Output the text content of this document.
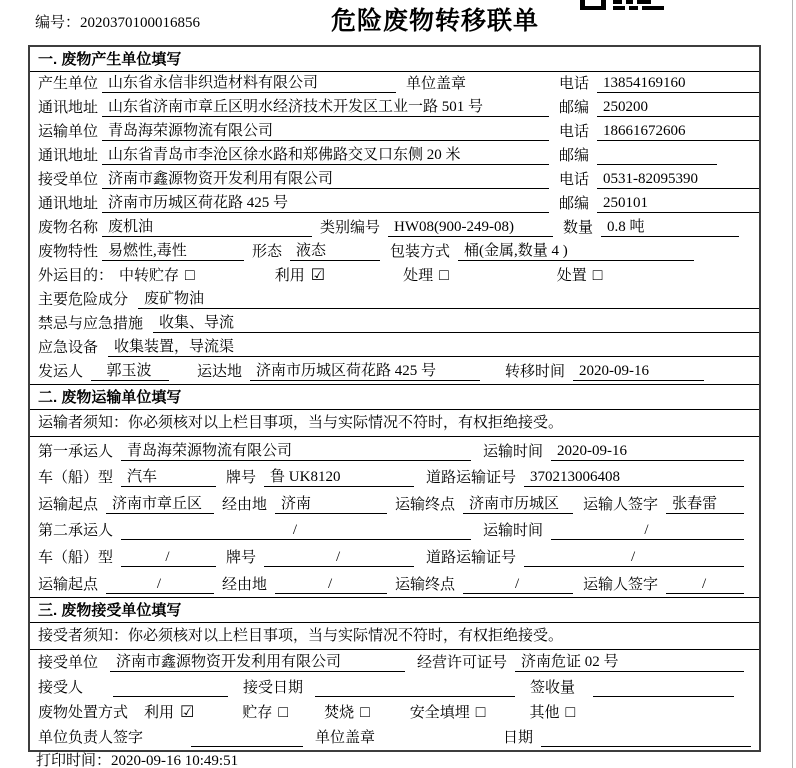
编号：2020370100016856	危险废物转移联单
一. 废物产生单位填写
产生单位 山东省永信非织造材料有限公司	单位盖章	电话 13854169160
通讯地址 山东省济南市章丘区明水经济技术开发区工业一路 501 号	邮编 250200
运输单位 青岛海荣源物流有限公司	电话 18661672606
通讯地址 山东省青岛市李沧区徐水路和郑佛路交叉口东侧 20 米	邮编
接受单位 济南市鑫源物资开发利用有限公司	电话 0531-82095390
通讯地址 济南市历城区荷花路 425 号	邮编 250101
废物名称 废机油	类别编号 HW08(900-249-08)	数量 0.8 吨
废物特性 易燃性,毒性	形态 液态	包装方式 桶(金属,数量 4 )
外运目的： 中转贮存 □	利用 ☑	处理 □	处置 □
主要危险成分	废矿物油
禁忌与应急措施	收集、导流
应急设备	收集装置，导流渠
发运人	郭玉波	运达地 济南市历城区荷花路 425 号	转移时间 2020-09-16
二. 废物运输单位填写
运输者须知：你必须核对以上栏目事项，当与实际情况不符时，有权拒绝接受。
第一承运人 青岛海荣源物流有限公司	运输时间 2020-09-16
车（船）型 汽车	牌号 鲁 UK8120	道路运输证号 370213006408
运输起点 济南市章丘区	经由地 济南	运输终点 济南市历城区	运输人签字 张春雷
第二承运人	/	运输时间	/
车（船）型	/	牌号	/	道路运输证号	/
运输起点	/	经由地	/	运输终点	/	运输人签字	/
三. 废物接受单位填写
接受者须知：你必须核对以上栏目事项，当与实际情况不符时，有权拒绝接受。
接受单位	济南市鑫源物资开发利用有限公司	经营许可证号 济南危证 02 号
接受人	接受日期	签收量
废物处置方式 利用 ☑	贮存 □ 焚烧 □	安全填埋 □	其他 □
单位负责人签字	单位盖章	日期
打印时间：2020-09-16 10:49:51
